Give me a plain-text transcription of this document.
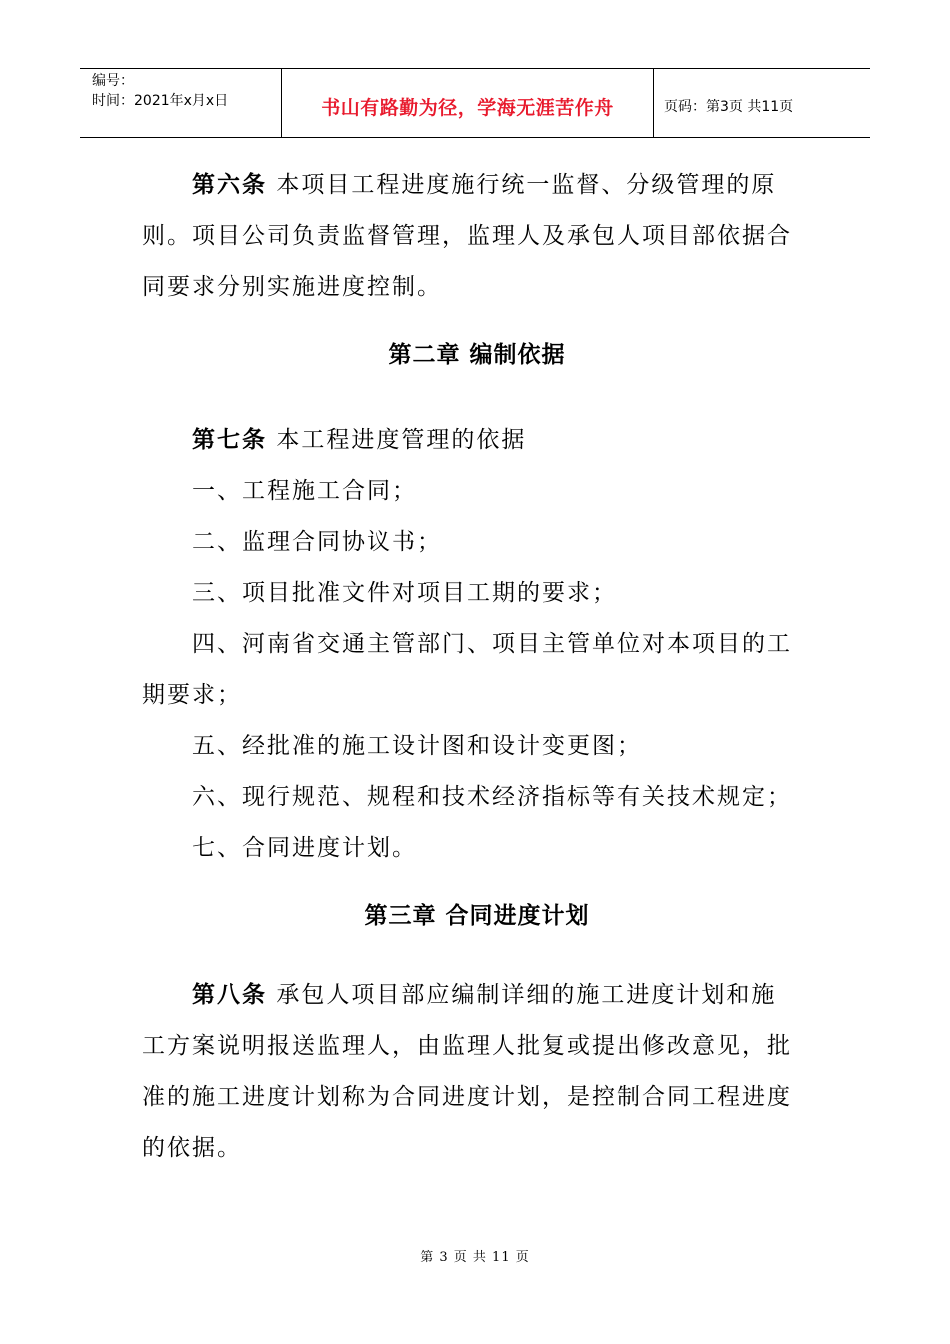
编号：
时间：2021年x月x日	书山有路勤为径，学海无涯苦作舟	页码：第3页 共11页

第六条 本项目工程进度施行统一监督、分级管理的原

则。项目公司负责监督管理，监理人及承包人项目部依据合

同要求分别实施进度控制。

第二章 编制依据

第七条 本工程进度管理的依据

一、工程施工合同；

二、监理合同协议书；

三、项目批准文件对项目工期的要求；

四、河南省交通主管部门、项目主管单位对本项目的工

期要求；

五、经批准的施工设计图和设计变更图；

六、现行规范、规程和技术经济指标等有关技术规定；

七、合同进度计划。

第三章 合同进度计划

第八条 承包人项目部应编制详细的施工进度计划和施

工方案说明报送监理人，由监理人批复或提出修改意见，批

准的施工进度计划称为合同进度计划，是控制合同工程进度

的依据。

第 3 页 共 11 页
